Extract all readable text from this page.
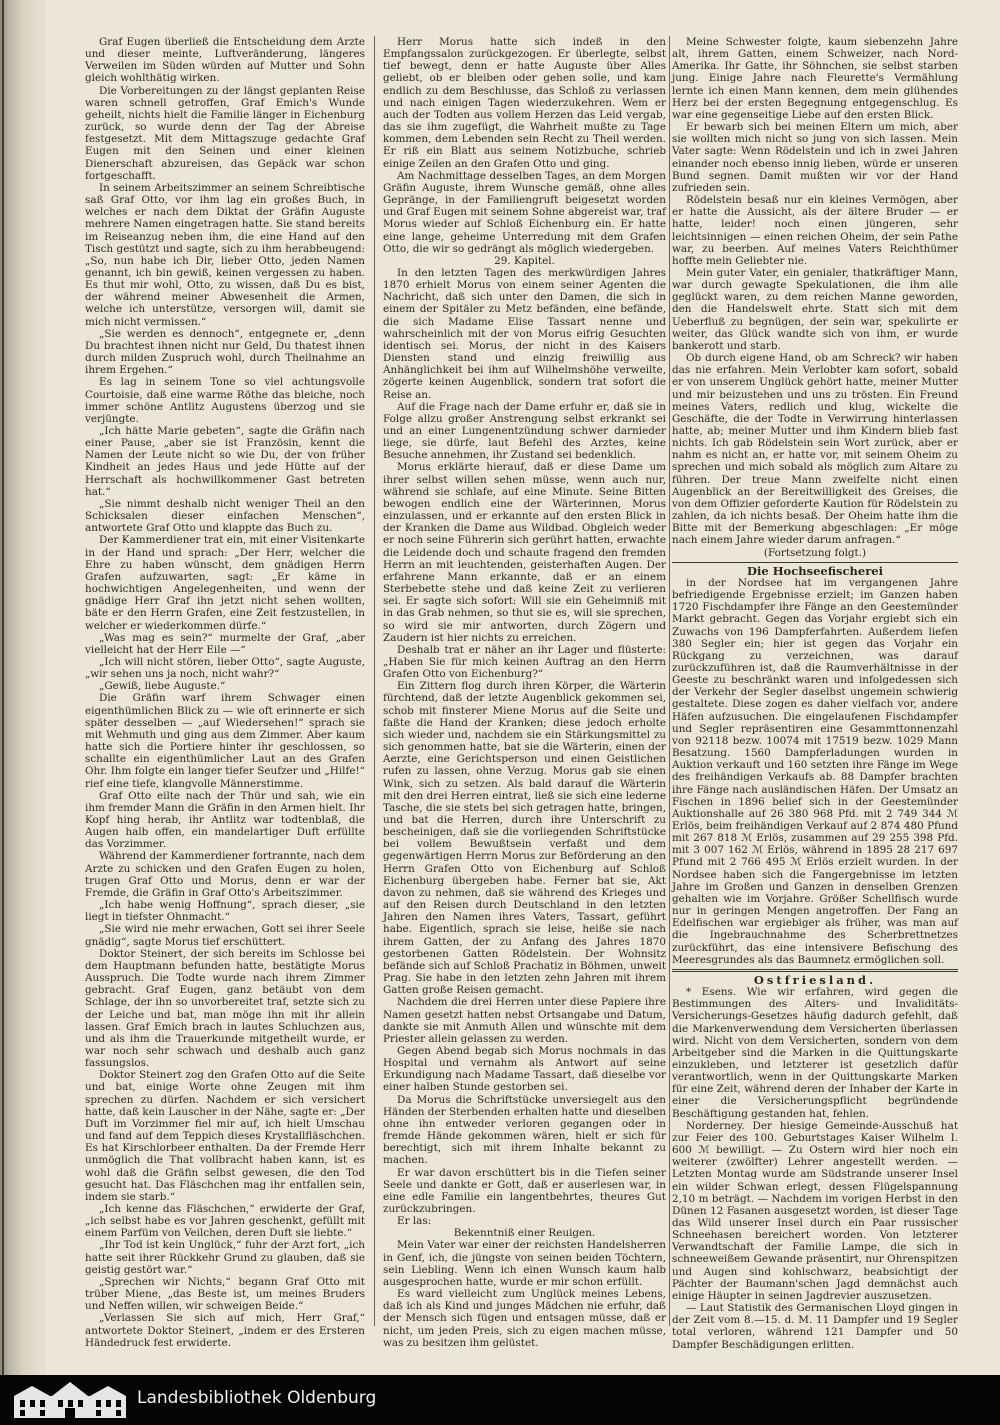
Graf Eugen überließ die Entscheidung dem Arzte und dieser meinte, Luftveränderung, längeres Verweilen im Süden würden auf Mutter und Sohn gleich wohlthätig wirken.

Die Vorbereitungen zu der längst geplanten Reise waren schnell getroffen, Graf Emich's Wunde geheilt, nichts hielt die Familie länger in Eichenburg zurück, so wurde denn der Tag der Abreise festgesetzt. Mit dem Mittagszuge gedachte Graf Eugen mit den Seinen und einer kleinen Dienerschaft abzureisen, das Gepäck war schon fortgeschafft.

In seinem Arbeitszimmer an seinem Schreibtische saß Graf Otto, vor ihm lag ein großes Buch, in welches er nach dem Diktat der Gräfin Auguste mehrere Namen eingetragen hatte. Sie stand bereits im Reiseanzug neben ihm, die eine Hand auf den Tisch gestützt und sagte, sich zu ihm herabbeugend: „So, nun habe ich Dir, lieber Otto, jeden Namen genannt, ich bin gewiß, keinen vergessen zu haben. Es thut mir wohl, Otto, zu wissen, daß Du es bist, der während meiner Abwesenheit die Armen, welche ich unterstütze, versorgen will, damit sie mich nicht vermissen.“

„Sie werden es dennoch“, entgegnete er, „denn Du brachtest ihnen nicht nur Geld, Du thatest ihnen durch milden Zuspruch wohl, durch Theilnahme an ihrem Ergehen.“

Es lag in seinem Tone so viel achtungsvolle Courtoisie, daß eine warme Röthe das bleiche, noch immer schöne Antlitz Augustens überzog und sie verjüngte.

„Ich hätte Marie gebeten“, sagte die Gräfin nach einer Pause, „aber sie ist Französin, kennt die Namen der Leute nicht so wie Du, der von früher Kindheit an jedes Haus und jede Hütte auf der Herrschaft als hochwillkommener Gast betreten hat.“

„Sie nimmt deshalb nicht weniger Theil an den Schicksalen dieser einfachen Menschen“, antwortete Graf Otto und klappte das Buch zu.

Der Kammerdiener trat ein, mit einer Visitenkarte in der Hand und sprach: „Der Herr, welcher die Ehre zu haben wünscht, dem gnädigen Herrn Grafen aufzuwarten, sagt: „Er käme in hochwichtigen Angelegenheiten, und wenn der gnädige Herr Graf ihn jetzt nicht sehen wollten, bäte er den Herrn Grafen, eine Zeit festzustellen, in welcher er wiederkommen dürfe.“

„Was mag es sein?“ murmelte der Graf, „aber vielleicht hat der Herr Eile —“

„Ich will nicht stören, lieber Otto“, sagte Auguste, „wir sehen uns ja noch, nicht wahr?“

„Gewiß, liebe Auguste.“

Die Gräfin warf ihrem Schwager einen eigenthümlichen Blick zu — wie oft erinnerte er sich später desselben — „auf Wiedersehen!“ sprach sie mit Wehmuth und ging aus dem Zimmer. Aber kaum hatte sich die Portiere hinter ihr geschlossen, so schallte ein eigenthümlicher Laut an des Grafen Ohr. Ihm folgte ein langer tiefer Seufzer und „Hilfe!“ rief eine tiefe, klangvolle Männerstimme.

Graf Otto eilte nach der Thür und sah, wie ein ihm fremder Mann die Gräfin in den Armen hielt. Ihr Kopf hing herab, ihr Antlitz war todtenblaß, die Augen halb offen, ein mandelartiger Duft erfüllte das Vorzimmer.

Während der Kammerdiener fortrannte, nach dem Arzte zu schicken und den Grafen Eugen zu holen, trugen Graf Otto und Morus, denn er war der Fremde, die Gräfin in Graf Otto's Arbeitszimmer.

„Ich habe wenig Hoffnung“, sprach dieser, „sie liegt in tiefster Ohnmacht.“

„Sie wird nie mehr erwachen, Gott sei ihrer Seele gnädig“, sagte Morus tief erschüttert.

Doktor Steinert, der sich bereits im Schlosse bei dem Hauptmann befunden hatte, bestätigte Morus Ausspruch. Die Todte wurde nach ihrem Zimmer gebracht. Graf Eugen, ganz betäubt von dem Schlage, der ihn so unvorbereitet traf, setzte sich zu der Leiche und bat, man möge ihn mit ihr allein lassen. Graf Emich brach in lautes Schluchzen aus, und als ihm die Trauerkunde mitgetheilt wurde, er war noch sehr schwach und deshalb auch ganz fassungslos.

Doktor Steinert zog den Grafen Otto auf die Seite und bat, einige Worte ohne Zeugen mit ihm sprechen zu dürfen. Nachdem er sich versichert hatte, daß kein Lauscher in der Nähe, sagte er: „Der Duft im Vorzimmer fiel mir auf, ich hielt Umschau und fand auf dem Teppich dieses Krystallfläschchen. Es hat Kirschlorbeer enthalten. Da der Fremde Herr unmöglich die That vollbracht haben kann, ist es wohl daß die Gräfin selbst gewesen, die den Tod gesucht hat. Das Fläschchen mag ihr entfallen sein, indem sie starb.“

„Ich kenne das Fläschchen,“ erwiderte der Graf, „ich selbst habe es vor Jahren geschenkt, gefüllt mit einem Parfüm von Veilchen, deren Duft sie liebte.“

„Ihr Tod ist kein Unglück,“ fuhr der Arzt fort, „ich hatte seit ihrer Rückkehr Grund zu glauben, daß sie geistig gestört war.“

„Sprechen wir Nichts,“ begann Graf Otto mit trüber Miene, „das Beste ist, um meines Bruders und Neffen willen, wir schweigen Beide.“

„Verlassen Sie sich auf mich, Herr Graf,“ antwortete Doktor Steinert, „indem er des Ersteren Händedruck fest erwiderte.

Herr Morus hatte sich indeß in den Empfangssalon zurückgezogen. Er überlegte, selbst tief bewegt, denn er hatte Auguste über Alles geliebt, ob er bleiben oder gehen solle, und kam endlich zu dem Beschlusse, das Schloß zu verlassen und nach einigen Tagen wiederzukehren. Wem er auch der Todten aus vollem Herzen das Leid vergab, das sie ihm zugefügt, die Wahrheit mußte zu Tage kommen, dem Lebenden sein Recht zu Theil werden. Er riß ein Blatt aus seinem Notizbuche, schrieb einige Zeilen an den Grafen Otto und ging.

Am Nachmittage desselben Tages, an dem Morgen Gräfin Auguste, ihrem Wunsche gemäß, ohne alles Gepränge, in der Familiengruft beigesetzt worden und Graf Eugen mit seinem Sohne abgereist war, traf Morus wieder auf Schloß Eichenburg ein. Er hatte eine lange, geheime Unterredung mit dem Grafen Otto, die wir so gedrängt als möglich wiedergeben.

29. Kapitel.

In den letzten Tagen des merkwürdigen Jahres 1870 erhielt Morus von einem seiner Agenten die Nachricht, daß sich unter den Damen, die sich in einem der Spitäler zu Metz befänden, eine befände, die sich Madame Elise Tassart nenne und wahrscheinlich mit der von Morus eifrig Gesuchten identisch sei. Morus, der nicht in des Kaisers Diensten stand und einzig freiwillig aus Anhänglichkeit bei ihm auf Wilhelmshöhe verweilte, zögerte keinen Augenblick, sondern trat sofort die Reise an.

Auf die Frage nach der Dame erfuhr er, daß sie in Folge allzu großer Anstrengung selbst erkrankt sei und an einer Lungenentzündung schwer darnieder liege, sie dürfe, laut Befehl des Arztes, keine Besuche annehmen, ihr Zustand sei bedenklich.

Morus erklärte hierauf, daß er diese Dame um ihrer selbst willen sehen müsse, wenn auch nur, während sie schlafe, auf eine Minute. Seine Bitten bewogen endlich eine der Wärterinnen, Morus einzulassen, und er erkannte auf den ersten Blick in der Kranken die Dame aus Wildbad. Obgleich weder er noch seine Führerin sich gerührt hatten, erwachte die Leidende doch und schaute fragend den fremden Herrn an mit leuchtenden, geisterhaften Augen. Der erfahrene Mann erkannte, daß er an einem Sterbebette stehe und daß keine Zeit zu verlieren sei. Er sagte sich sofort: Will sie ein Geheimniß mit in das Grab nehmen, so thut sie es, will sie sprechen, so wird sie mir antworten, durch Zögern und Zaudern ist hier nichts zu erreichen.

Deshalb trat er näher an ihr Lager und flüsterte: „Haben Sie für mich keinen Auftrag an den Herrn Grafen Otto von Eichenburg?“

Ein Zittern flog durch ihren Körper, die Wärterin fürchtend, daß der letzte Augenblick gekommen sei, schob mit finsterer Miene Morus auf die Seite und faßte die Hand der Kranken; diese jedoch erholte sich wieder und, nachdem sie ein Stärkungsmittel zu sich genommen hatte, bat sie die Wärterin, einen der Aerzte, eine Gerichtsperson und einen Geistlichen rufen zu lassen, ohne Verzug. Morus gab sie einen Wink, sich zu setzen. Als bald darauf die Wärterin mit den drei Herren eintrat, ließ sie sich eine lederne Tasche, die sie stets bei sich getragen hatte, bringen, und bat die Herren, durch ihre Unterschrift zu bescheinigen, daß sie die vorliegenden Schriftstücke bei vollem Bewußtsein verfaßt und dem gegenwärtigen Herrn Morus zur Beförderung an den Herrn Grafen Otto von Eichenburg auf Schloß Eichenburg übergeben habe. Ferner bat sie, Akt davon zu nehmen, daß sie während des Krieges und auf den Reisen durch Deutschland in den letzten Jahren den Namen ihres Vaters, Tassart, geführt habe. Eigentlich, sprach sie leise, heiße sie nach ihrem Gatten, der zu Anfang des Jahres 1870 gestorbenen Gatten Rödelstein. Der Wohnsitz befände sich auf Schloß Prachatiz in Böhmen, unweit Prag. Sie habe in den letzten zehn Jahren mit ihrem Gatten große Reisen gemacht.

Nachdem die drei Herren unter diese Papiere ihre Namen gesetzt hatten nebst Ortsangabe und Datum, dankte sie mit Anmuth Allen und wünschte mit dem Priester allein gelassen zu werden.

Gegen Abend begab sich Morus nochmals in das Hospital und vernahm als Antwort auf seine Erkundigung nach Madame Tassart, daß dieselbe vor einer halben Stunde gestorben sei.

Da Morus die Schriftstücke unversiegelt aus den Händen der Sterbenden erhalten hatte und dieselben ohne ihn entweder verloren gegangen oder in fremde Hände gekommen wären, hielt er sich für berechtigt, sich mit ihrem Inhalte bekannt zu machen.

Er war davon erschüttert bis in die Tiefen seiner Seele und dankte er Gott, daß er auserlesen war, in eine edle Familie ein langentbehrtes, theures Gut zurückzubringen.

Er las:

Bekenntniß einer Reuigen.

Mein Vater war einer der reichsten Handelsherren in Genf, ich, die jüngste von seinen beiden Töchtern, sein Liebling. Wenn ich einen Wunsch kaum halb ausgesprochen hatte, wurde er mir schon erfüllt.

Es ward vielleicht zum Unglück meines Lebens, daß ich als Kind und junges Mädchen nie erfuhr, daß der Mensch sich fügen und entsagen müsse, daß er nicht, um jeden Preis, sich zu eigen machen müsse, was zu besitzen ihm gelüstet.

Meine Schwester folgte, kaum siebenzehn Jahre alt, ihrem Gatten, einem Schweizer, nach Nord-Amerika. Ihr Gatte, ihr Söhnchen, sie selbst starben jung. Einige Jahre nach Fleurette's Vermählung lernte ich einen Mann kennen, dem mein glühendes Herz bei der ersten Begegnung entgegenschlug. Es war eine gegenseitige Liebe auf den ersten Blick.

Er bewarb sich bei meinen Eltern um mich, aber sie wollten mich nicht so jung von sich lassen. Mein Vater sagte: Wenn Rödelstein und ich in zwei Jahren einander noch ebenso innig lieben, würde er unseren Bund segnen. Damit mußten wir vor der Hand zufrieden sein.

Rödelstein besaß nur ein kleines Vermögen, aber er hatte die Aussicht, als der ältere Bruder — er hatte, leider! noch einen jüngeren, sehr leichtsinnigen — einen reichen Oheim, der sein Pathe war, zu beerben. Auf meines Vaters Reichthümer hoffte mein Geliebter nie.

Mein guter Vater, ein genialer, thatkräftiger Mann, war durch gewagte Spekulationen, die ihm alle geglückt waren, zu dem reichen Manne geworden, den die Handelswelt ehrte. Statt sich mit dem Ueberfluß zu begnügen, der sein war, spekulirte er weiter, das Glück wandte sich von ihm, er wurde bankerott und starb.

Ob durch eigene Hand, ob am Schreck? wir haben das nie erfahren. Mein Verlobter kam sofort, sobald er von unserem Unglück gehört hatte, meiner Mutter und mir beizustehen und uns zu trösten. Ein Freund meines Vaters, redlich und klug, wickelte die Geschäfte, die der Todte in Verwirrung hinterlassen hatte, ab; meiner Mutter und ihm Kindern blieb fast nichts. Ich gab Rödelstein sein Wort zurück, aber er nahm es nicht an, er hatte vor, mit seinem Oheim zu sprechen und mich sobald als möglich zum Altare zu führen. Der treue Mann zweifelte nicht einen Augenblick an der Bereitwilligkeit des Greises, die von dem Offizier geforderte Kaution für Rödelstein zu zahlen, da ich nichts besaß. Der Oheim hatte ihm die Bitte mit der Bemerkung abgeschlagen: „Er möge nach einem Jahre wieder darum anfragen.“

(Fortsetzung folgt.)

Die Hochseefischerei

in der Nordsee hat im vergangenen Jahre befriedigende Ergebnisse erzielt; im Ganzen haben 1720 Fischdampfer ihre Fänge an den Geestemünder Markt gebracht. Gegen das Vorjahr ergiebt sich ein Zuwachs von 196 Dampferfahrten. Außerdem liefen 380 Segler ein; hier ist gegen das Vorjahr ein Rückgang zu verzeichnen, was darauf zurückzuführen ist, daß die Raumverhältnisse in der Geeste zu beschränkt waren und infolgedessen sich der Verkehr der Segler daselbst ungemein schwierig gestaltete. Diese zogen es daher vielfach vor, andere Häfen aufzusuchen. Die eingelaufenen Fischdampfer und Segler repräsentiren eine Gesammttonnenzahl von 92118 bezw. 10074 mit 17519 bezw. 1029 Mann Besatzung. 1560 Dampferladungen wurden in Auktion verkauft und 160 setzten ihre Fänge im Wege des freihändigen Verkaufs ab. 88 Dampfer brachten ihre Fänge nach ausländischen Häfen. Der Umsatz an Fischen in 1896 belief sich in der Geestemünder Auktionshalle auf 26 380 968 Pfd. mit 2 749 344 ℳ Erlös, beim freihändigen Verkauf auf 2 874 480 Pfund mit 267 818 ℳ Erlös, zusammen auf 29 255 398 Pfd. mit 3 007 162 ℳ Erlös, während in 1895 28 217 697 Pfund mit 2 766 495 ℳ Erlös erzielt wurden. In der Nordsee haben sich die Fangergebnisse im letzten Jahre im Großen und Ganzen in denselben Grenzen gehalten wie im Vorjahre. Größer Schellfisch wurde nur in geringen Mengen angetroffen. Der Fang an Edelfischen war ergiebiger als früher, was man auf die Ingebrauchnahme des Scherbrettnetzes zurückführt, das eine intensivere Befischung des Meeresgrundes als das Baumnetz ermöglichen soll.

Ostfriesland.

* Esens. Wie wir erfahren, wird gegen die Bestimmungen des Alters- und Invaliditäts-Versicherungs-Gesetzes häufig dadurch gefehlt, daß die Markenverwendung dem Versicherten überlassen wird. Nicht von dem Versicherten, sondern von dem Arbeitgeber sind die Marken in die Quittungskarte einzukleben, und letzterer ist gesetzlich dafür verantwortlich, wenn in der Quittungskarte Marken für eine Zeit, während deren der Inhaber der Karte in einer die Versicherungspflicht begründende Beschäftigung gestanden hat, fehlen.

Norderney. Der hiesige Gemeinde-Ausschuß hat zur Feier des 100. Geburtstages Kaiser Wilhelm I. 600 ℳ bewilligt. — Zu Ostern wird hier noch ein weiterer (zwölfter) Lehrer angestellt werden. — Letzten Montag wurde am Südstrande unserer Insel ein wilder Schwan erlegt, dessen Flügelspannung 2,10 m beträgt. — Nachdem im vorigen Herbst in den Dünen 12 Fasanen ausgesetzt worden, ist dieser Tage das Wild unserer Insel durch ein Paar russischer Schneehasen bereichert worden. Von letzterer Verwandtschaft der Familie Lampe, die sich in schneeweißem Gewande präsentirt, nur Ohrenspitzen und Augen sind kohlschwarz, beabsichtigt der Pächter der Baumann'schen Jagd demnächst auch einige Häupter in seinen Jagdrevier auszusetzen.

— Laut Statistik des Germanischen Lloyd gingen in der Zeit vom 8.—15. d. M. 11 Dampfer und 19 Segler total verloren, während 121 Dampfer und 50 Dampfer Beschädigungen erlitten.

Landesbibliothek Oldenburg
